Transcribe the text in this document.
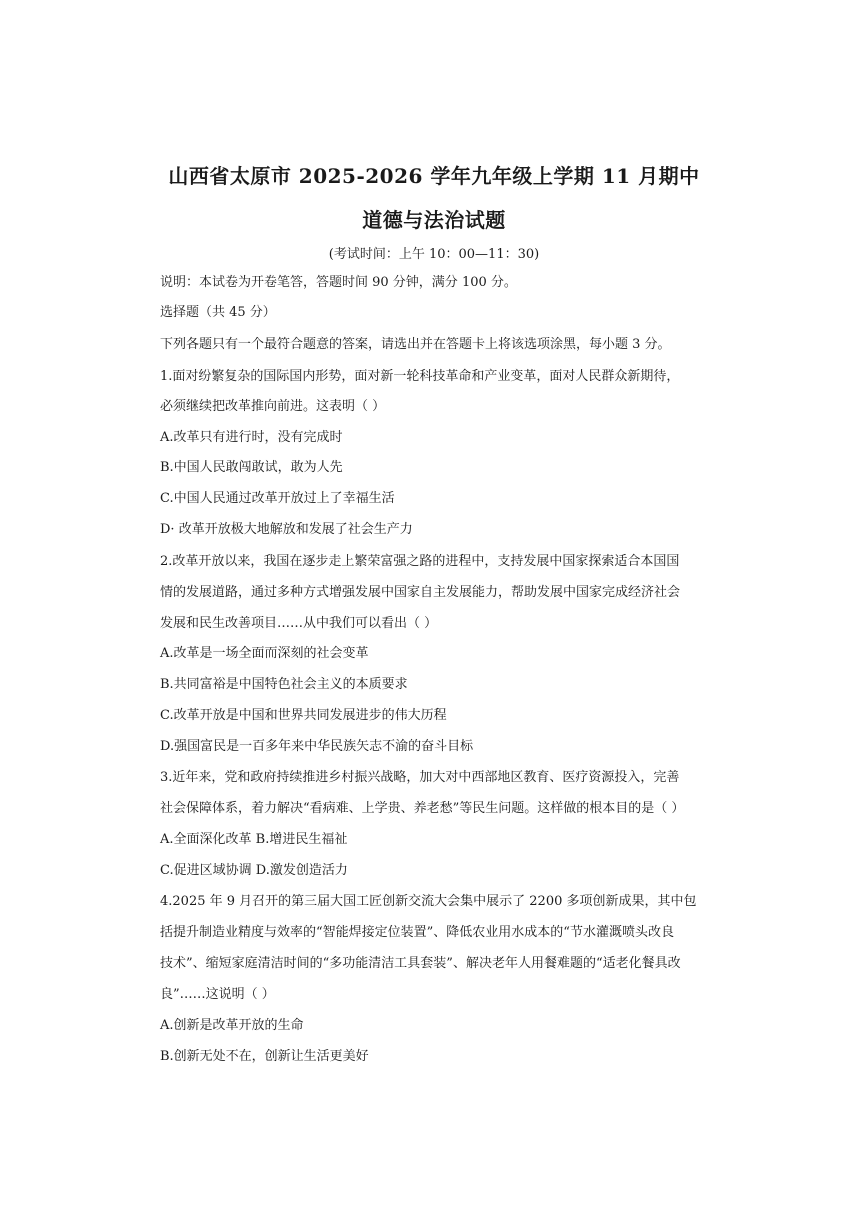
山西省太原市 2025-2026 学年九年级上学期 11 月期中
道德与法治试题
(考试时间：上午 10：00—11：30)
说明：本试卷为开卷笔答，答题时间 90 分钟，满分 100 分。
选择题（共 45 分）
下列各题只有一个最符合题意的答案，请选出并在答题卡上将该选项涂黑，每小题 3 分。
1.面对纷繁复杂的国际国内形势，面对新一轮科技革命和产业变革，面对人民群众新期待，
必须继续把改革推向前进。这表明（ ）
A.改革只有进行时，没有完成时
B.中国人民敢闯敢试，敢为人先
C.中国人民通过改革开放过上了幸福生活
D· 改革开放极大地解放和发展了社会生产力
2.改革开放以来，我国在逐步走上繁荣富强之路的进程中，支持发展中国家探索适合本国国
情的发展道路，通过多种方式增强发展中国家自主发展能力，帮助发展中国家完成经济社会
发展和民生改善项目……从中我们可以看出（ ）
A.改革是一场全面而深刻的社会变革
B.共同富裕是中国特色社会主义的本质要求
C.改革开放是中国和世界共同发展进步的伟大历程
D.强国富民是一百多年来中华民族矢志不渝的奋斗目标
3.近年来，党和政府持续推进乡村振兴战略，加大对中西部地区教育、医疗资源投入，完善
社会保障体系，着力解决“看病难、上学贵、养老愁”等民生问题。这样做的根本目的是（ ）
A.全面深化改革 B.增进民生福祉
C.促进区域协调 D.激发创造活力
4.2025 年 9 月召开的第三届大国工匠创新交流大会集中展示了 2200 多项创新成果，其中包
括提升制造业精度与效率的“智能焊接定位装置”、降低农业用水成本的“节水灌溉喷头改良
技术”、缩短家庭清洁时间的“多功能清洁工具套装”、解决老年人用餐难题的“适老化餐具改
良”……这说明（ ）
A.创新是改革开放的生命
B.创新无处不在，创新让生活更美好
